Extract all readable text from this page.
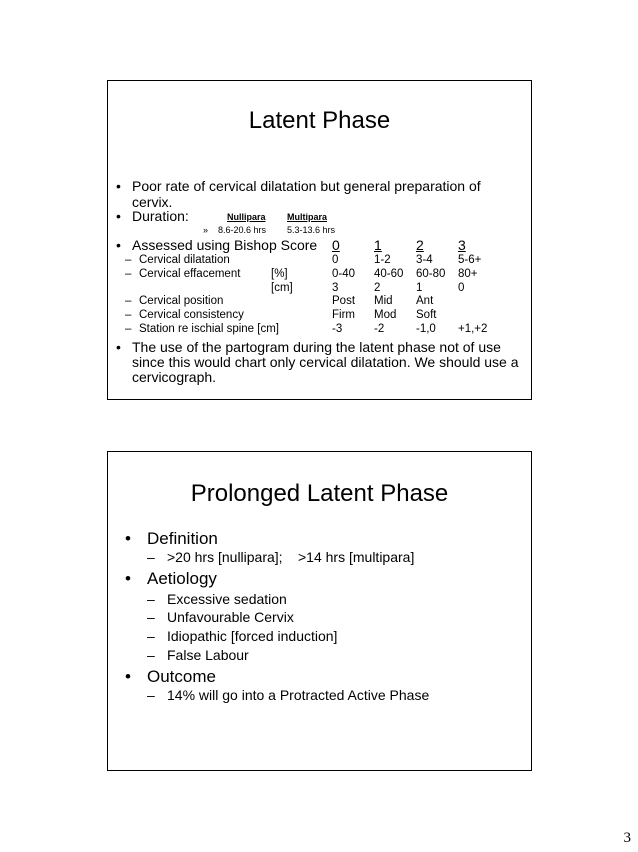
Latent Phase
• Poor rate of cervical dilatation but general preparation of
cervix.
• Duration:	Nullipara Multipara
» 8.6-20.6 hrs 5.3-13.6 hrs
• Assessed using Bishop Score 0	1	2	3
– Cervical dilatation	0	1-2 3-4 5-6+
– Cervical effacement	[%]	0-40 40-60 60-80 80+
[cm]	3	2	1	0
– Cervical position	Post Mid Ant
– Cervical consistency	Firm Mod Soft
– Station re ischial spine [cm]	-3	-2	-1,0 +1,+2
• The use of the partogram during the latent phase not of use
since this would chart only cervical dilatation. We should use a
cervicograph.
Prolonged Latent Phase
• Definition
– >20 hrs [nullipara]; >14 hrs [multipara]
• Aetiology
– Excessive sedation
– Unfavourable Cervix
– Idiopathic [forced induction]
– False Labour
• Outcome
– 14% will go into a Protracted Active Phase
3
